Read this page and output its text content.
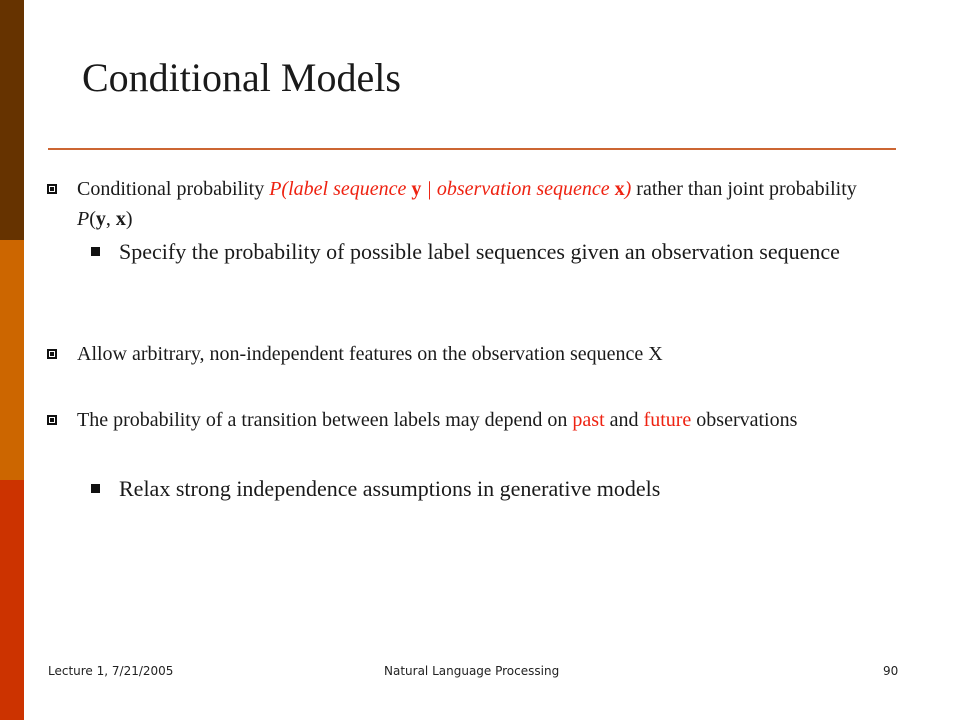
Conditional Models
Conditional probability P(label sequence y | observation sequence x) rather than joint probability P(y, x)
Specify the probability of possible label sequences given an observation sequence
Allow arbitrary, non-independent features on the observation sequence X
The probability of a transition between labels may depend on past and future observations
Relax strong independence assumptions in generative models
Lecture 1, 7/21/2005	Natural Language Processing	90
